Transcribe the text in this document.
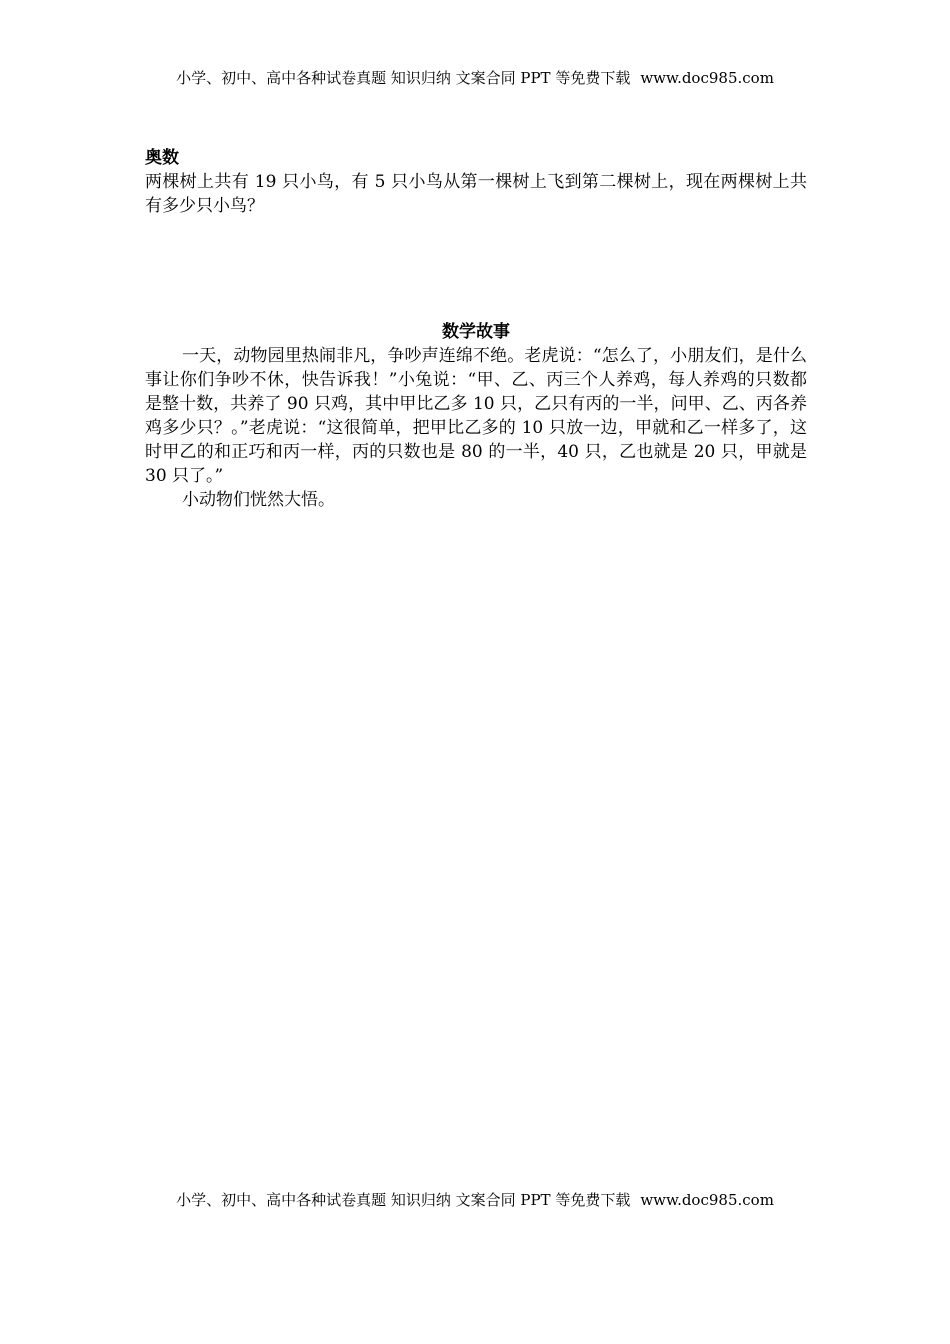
小学、初中、高中各种试卷真题 知识归纳 文案合同 PPT 等免费下载 www.doc985.com

奥数

两棵树上共有 19 只小鸟，有 5 只小鸟从第一棵树上飞到第二棵树上，现在两棵树上共有多少只小鸟？

数学故事

一天，动物园里热闹非凡，争吵声连绵不绝。老虎说：“怎么了，小朋友们，是什么事让你们争吵不休，快告诉我！”小兔说：“甲、乙、丙三个人养鸡，每人养鸡的只数都是整十数，共养了 90 只鸡，其中甲比乙多 10 只，乙只有丙的一半，问甲、乙、丙各养鸡多少只？。”老虎说：“这很简单，把甲比乙多的 10 只放一边，甲就和乙一样多了，这时甲乙的和正巧和丙一样，丙的只数也是 80 的一半，40 只，乙也就是 20 只，甲就是 30 只了。”

小动物们恍然大悟。

小学、初中、高中各种试卷真题 知识归纳 文案合同 PPT 等免费下载 www.doc985.com
